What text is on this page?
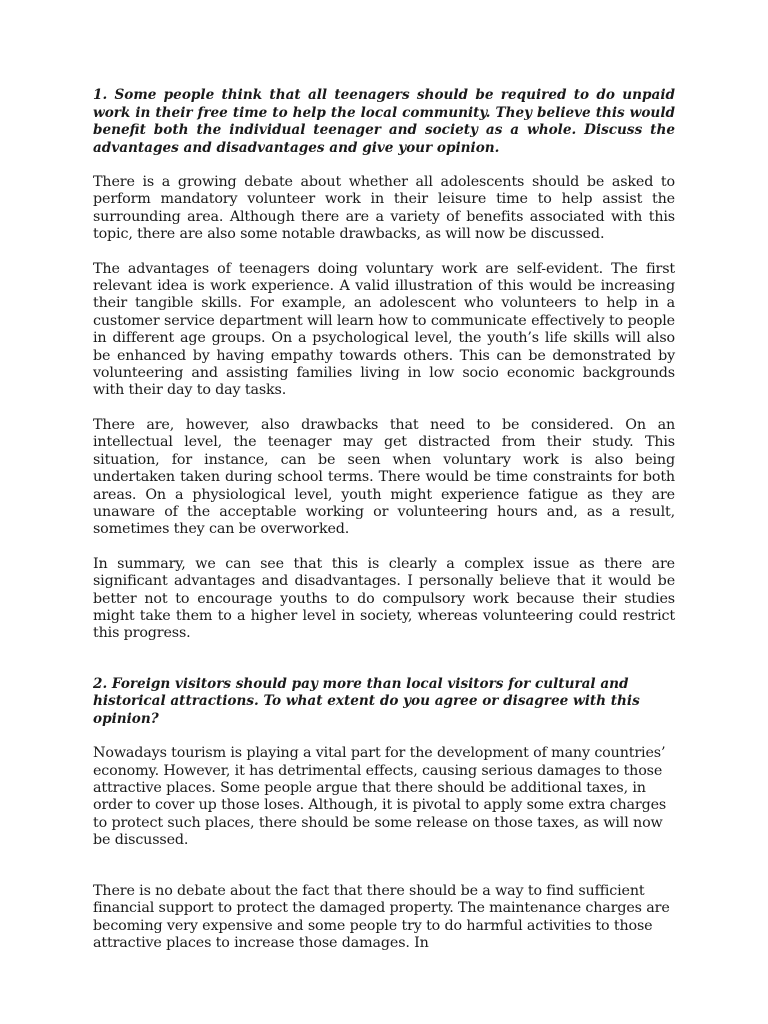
1. Some people think that all teenagers should be required to do unpaid work in their free time to help the local community. They believe this would benefit both the individual teenager and society as a whole. Discuss the advantages and disadvantages and give your opinion.

There is a growing debate about whether all adolescents should be asked to perform mandatory volunteer work in their leisure time to help assist the surrounding area. Although there are a variety of benefits associated with this topic, there are also some notable drawbacks, as will now be discussed.

The advantages of teenagers doing voluntary work are self-evident. The first relevant idea is work experience. A valid illustration of this would be increasing their tangible skills. For example, an adolescent who volunteers to help in a customer service department will learn how to communicate effectively to people in different age groups. On a psychological level, the youth’s life skills will also be enhanced by having empathy towards others. This can be demonstrated by volunteering and assisting families living in low socio economic backgrounds with their day to day tasks.

There are, however, also drawbacks that need to be considered. On an intellectual level, the teenager may get distracted from their study. This situation, for instance, can be seen when voluntary work is also being undertaken taken during school terms. There would be time constraints for both areas. On a physiological level, youth might experience fatigue as they are unaware of the acceptable working or volunteering hours and, as a result, sometimes they can be overworked.

In summary, we can see that this is clearly a complex issue as there are significant advantages and disadvantages. I personally believe that it would be better not to encourage youths to do compulsory work because their studies might take them to a higher level in society, whereas volunteering could restrict this progress.

2. Foreign visitors should pay more than local visitors for cultural and historical attractions. To what extent do you agree or disagree with this opinion?

Nowadays tourism is playing a vital part for the development of many countries’ economy. However, it has detrimental effects, causing serious damages to those attractive places. Some people argue that there should be additional taxes, in order to cover up those loses. Although, it is pivotal to apply some extra charges to protect such places, there should be some release on those taxes, as will now be discussed.

There is no debate about the fact that there should be a way to find sufficient financial support to protect the damaged property. The maintenance charges are becoming very expensive and some people try to do harmful activities to those attractive places to increase those damages. In
